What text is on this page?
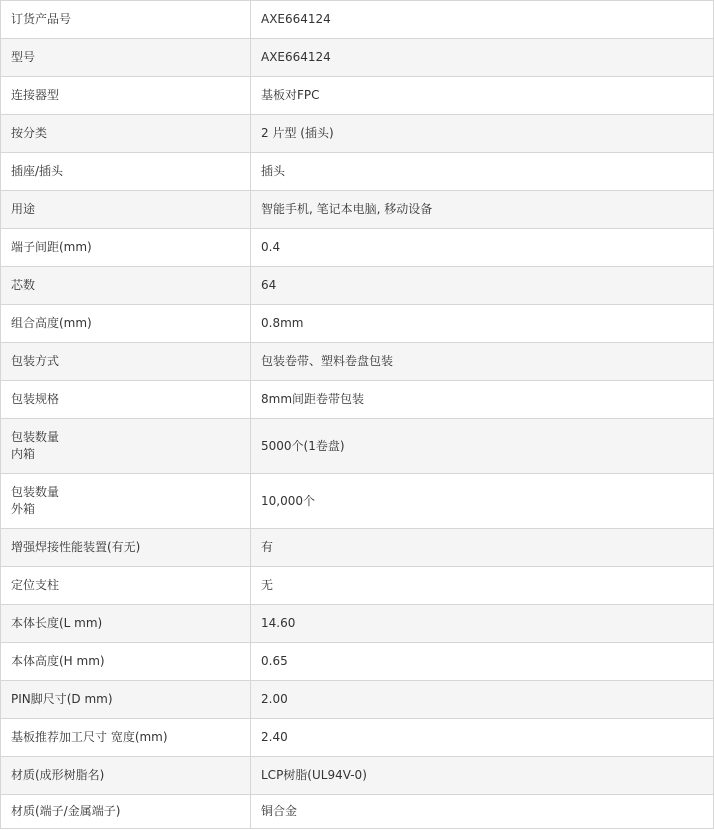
订货产品号	AXE664124
型号	AXE664124
连接器型	基板对FPC
按分类	2 片型 (插头)
插座/插头	插头
用途	智能手机, 笔记本电脑, 移动设备
端子间距(mm)	0.4
芯数	64
组合高度(mm)	0.8mm
包装方式	包装卷带、塑料卷盘包装
包装规格	8mm间距卷带包装

包装数量
内箱	5000个(1卷盘)

包装数量
外箱	10,000个
增强焊接性能装置(有无)	有
定位支柱	无
本体长度(L mm)	14.60
本体高度(H mm)	0.65
PIN脚尺寸(D mm)	2.00
基板推荐加工尺寸 宽度(mm)	2.40
材质(成形树脂名)	LCP树脂(UL94V-0)
材质(端子/金属端子)	铜合金
